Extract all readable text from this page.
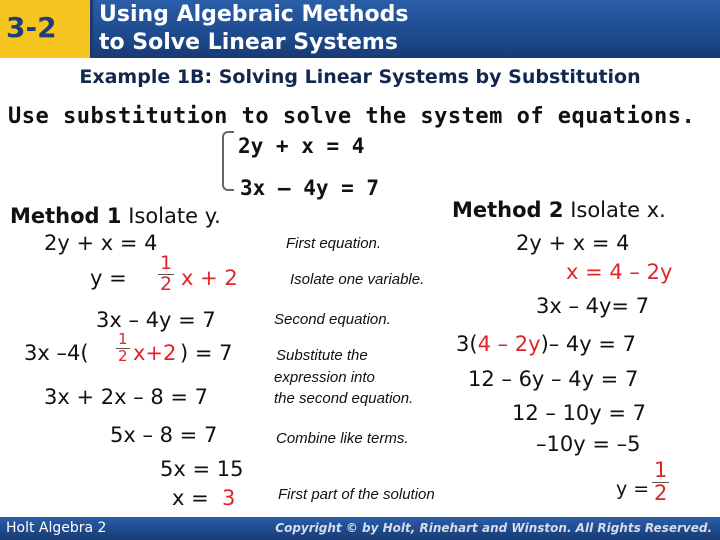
3-2 Using Algebraic Methods
to Solve Linear Systems
Example 1B: Solving Linear Systems by Substitution
Use substitution to solve the system of equations.
2y + x = 4
3x – 4y = 7
Method 1 Isolate y.
2y + x = 4
$y = \frac{1}{2}$ x + 2
3x – 4y = 7
3x $-4( \frac{1}{2} x+2$ ) = 7
3x + 2x – 8 = 7
5x – 8 = 7
5x = 15
x = 3
First equation.
Isolate one variable.
Second equation.
Substitute the
expression into
the second equation.
Combine like terms.
First part of the solution
Method 2 Isolate x.
2y + x = 4
x = 4 – 2y
3x – 4y= 7
3(4 – 2y)– 4y = 7
12 – 6y – 4y = 7
12 – 10y = 7
–10y = –5
$y = \frac{1}{2}$
Holt Algebra 2	Copyright © by Holt, Rinehart and Winston. All Rights Reserved.
